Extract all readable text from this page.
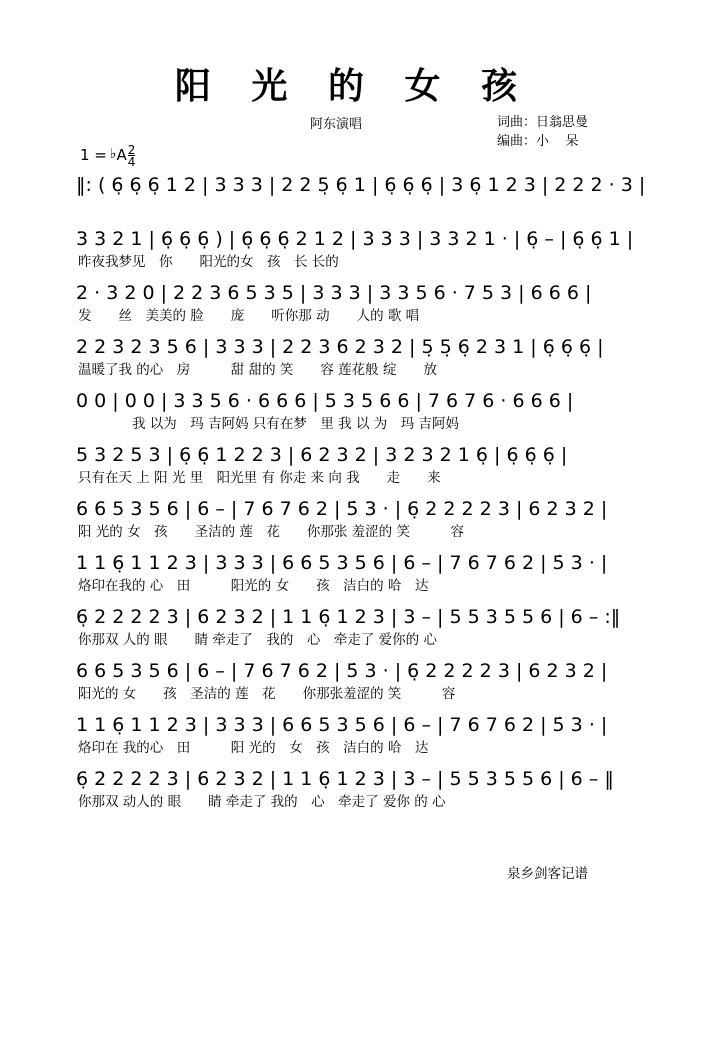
阳 光 的 女 孩
阿东演唱	词曲：日翁思曼
编曲：小    呆
1 = ♭ A $\frac{2}{4}$
‖: ( 6̣ 6̣ 6̣ 1 2 | 3 3 3 | 2 2 5̣ 6̣ 1 | 6̣ 6̣ 6̣ | 3 6̣ 1 2 3 | 2 2 2 · 3 |
3 3 2 1 | 6̣ 6̣ 6̣ ) | 6̣ 6̣ 6̣ 2 1 2 | 3 3 3 | 3 3 2 1 · | 6̣ – | 6̣ 6̣ 1 |
昨夜我梦见　你　　阳光的女　孩　长 长的
2 · 3 2 0 | 2 2 3 6 5 3 5 | 3 3 3 | 3 3 5 6 · 7 5 3 | 6 6 6 |
发　　丝　美美的 脸　　庞　　听你那 动　　人的 歌 唱
2 2 3 2 3 5 6 | 3 3 3 | 2 2 3 6 2 3 2 | 5̣ 5̣ 6̣ 2 3 1 | 6̣ 6̣ 6̣ |
温暖了我 的心　房　　　甜 甜的 笑　　容 莲花般 绽　　放
0 0 | 0 0 | 3 3 5 6 · 6 6 6 | 5 3 5 6 6 | 7 6 7 6 · 6 6 6 |
　　　　我 以为　玛 吉阿妈 只有在梦　里 我 以 为　玛 吉阿妈
5 3 2 5 3 | 6̣ 6̣ 1 2 2 3 | 6 2 3 2 | 3 2 3 2 1 6̣ | 6̣ 6̣ 6̣ |
只有在天 上 阳 光 里　阳光里 有 你走 来 向 我　　走　　来
6 6 5 3 5 6 | 6 – | 7 6 7 6 2 | 5̇ 3 · | 6̣ 2 2 2 2 3 | 6 2 3 2 |
阳 光的 女　孩　　圣洁的 莲　花　　你那张 羞涩的 笑　　　容
1 1 6̣ 1 1 2 3 | 3 3 3 | 6 6 5 3 5 6 | 6 – | 7 6 7 6 2 | 5̇ 3 · |
烙印在我的 心　田　　　阳光的 女　　孩　洁白的 哈　达
6̣ 2 2 2 2 3 | 6 2 3 2 | 1 1 6̣ 1 2 3 | 3 – | 5 5 3 5 5 6 | 6 – :‖
你那双 人的 眼　　睛 牵走了　我的　心　牵走了 爱你的 心
6 6 5 3 5 6 | 6 – | 7 6 7 6 2 | 5̇ 3 · | 6̣ 2 2 2 2 3 | 6 2 3 2 |
阳光的 女　　孩　圣洁的 莲　花　　你那张羞涩的 笑　　　容
1 1 6̣ 1 1 2 3 | 3 3 3 | 6 6 5 3 5 6 | 6 – | 7 6 7 6 2 | 5̇ 3 · |
烙印在 我的心　田　　　阳 光的　女　孩　洁白的 哈　达
6̣ 2 2 2 2 3 | 6 2 3 2 | 1 1 6̣ 1 2 3 | 3 – | 5 5 3 5 5 6 | 6 – ‖
你那双 动人的 眼　　睛 牵走了 我的　心　牵走了 爱你 的 心
泉乡剑客记谱
